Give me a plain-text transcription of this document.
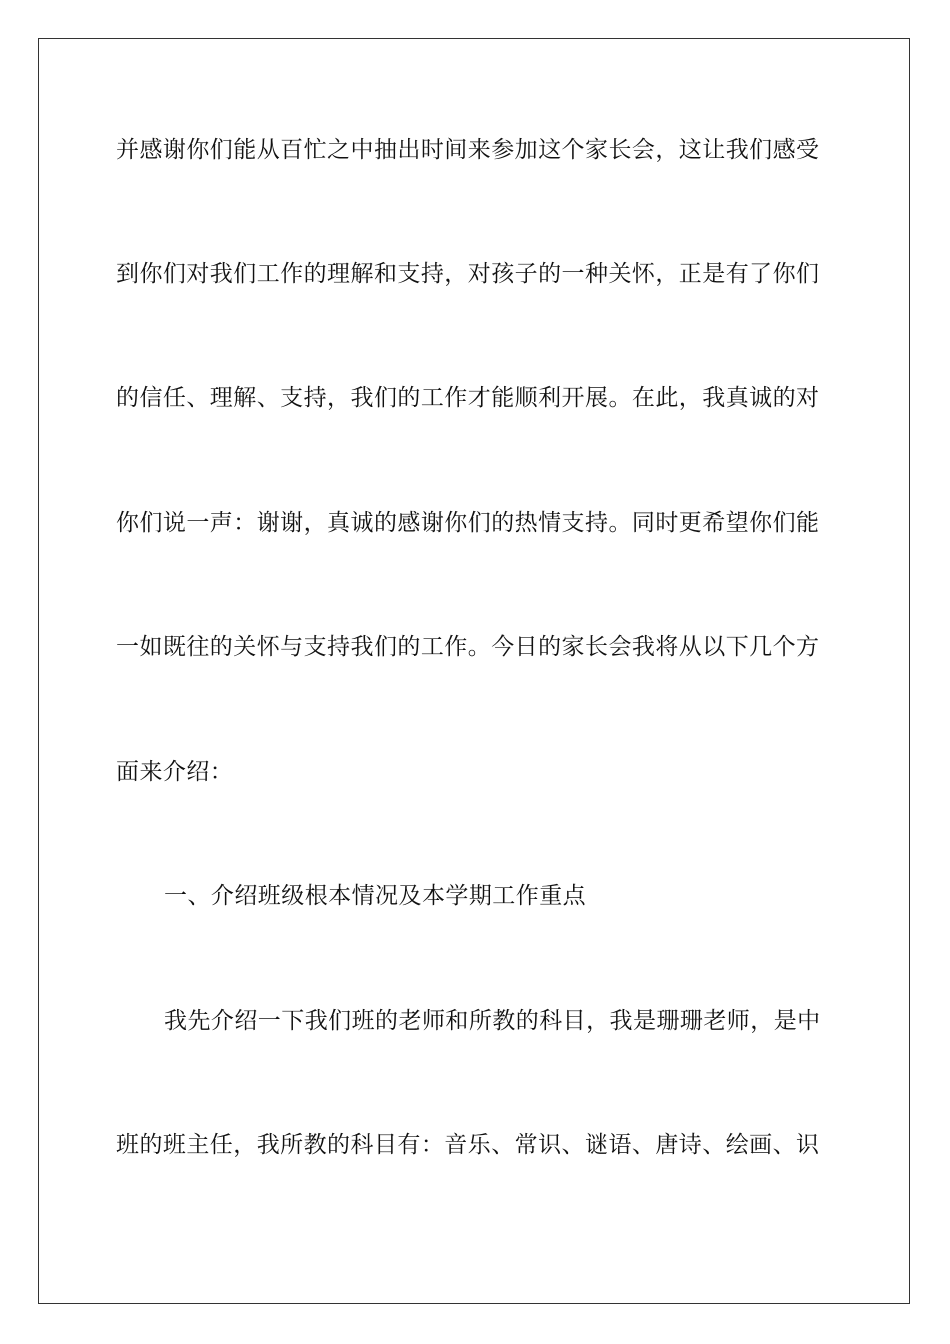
并感谢你们能从百忙之中抽出时间来参加这个家长会，这让我们感受
到你们对我们工作的理解和支持，对孩子的一种关怀，正是有了你们
的信任、理解、支持，我们的工作才能顺利开展。在此，我真诚的对
你们说一声：谢谢，真诚的感谢你们的热情支持。同时更希望你们能
一如既往的关怀与支持我们的工作。今日的家长会我将从以下几个方
面来介绍：
一、介绍班级根本情况及本学期工作重点
我先介绍一下我们班的老师和所教的科目，我是珊珊老师，是中
班的班主任，我所教的科目有：音乐、常识、谜语、唐诗、绘画、识
